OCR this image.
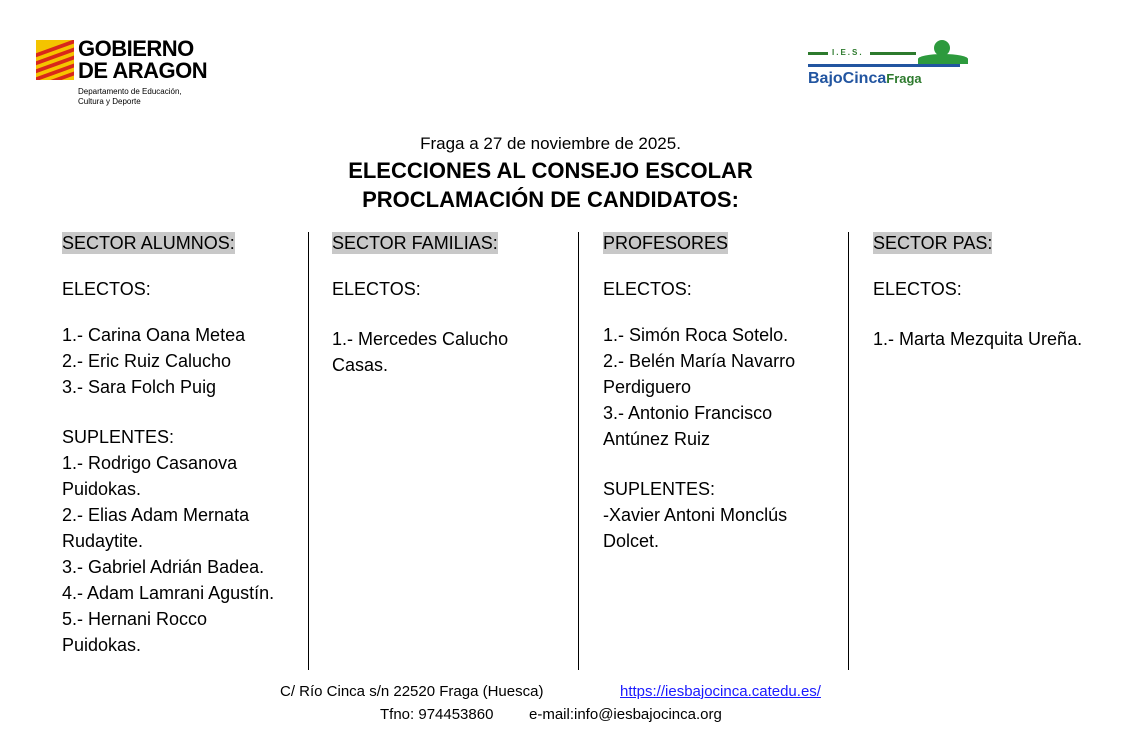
GOBIERNO
DE ARAGON
Departamento de Educación,
Cultura y Deporte
I.E.S.
BajoCincaFraga
Fraga a 27 de noviembre de 2025.
ELECCIONES AL CONSEJO ESCOLAR
PROCLAMACIÓN DE CANDIDATOS:
SECTOR ALUMNOS:
ELECTOS:
1.- Carina Oana Metea
2.- Eric Ruiz Calucho
3.- Sara Folch Puig
SUPLENTES:
1.- Rodrigo Casanova
Puidokas.
2.- Elias Adam Mernata
Rudaytite.
3.- Gabriel Adrián Badea.
4.- Adam Lamrani Agustín.
5.- Hernani Rocco
Puidokas.
SECTOR FAMILIAS:
ELECTOS:
1.- Mercedes Calucho
Casas.
PROFESORES
ELECTOS:
1.- Simón Roca Sotelo.
2.- Belén María Navarro
Perdiguero
3.- Antonio Francisco
Antúnez Ruiz
SUPLENTES:
-Xavier Antoni Monclús
Dolcet.
SECTOR PAS:
ELECTOS:
1.- Marta Mezquita Ureña.
C/ Río Cinca s/n 22520 Fraga (Huesca)	https://iesbajocinca.catedu.es/
Tfno: 974453860 e-mail:info@iesbajocinca.org
